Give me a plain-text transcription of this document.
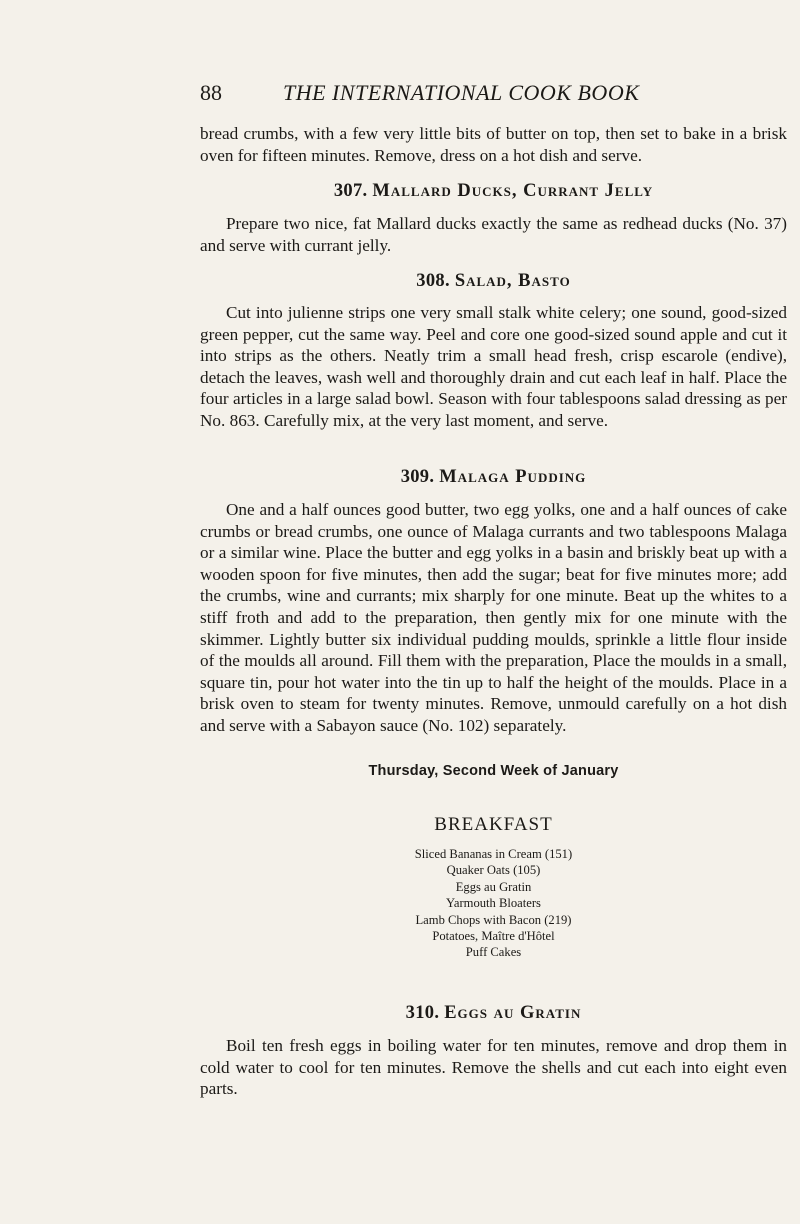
88	THE INTERNATIONAL COOK BOOK

bread crumbs, with a few very little bits of butter on top, then set to bake in a brisk oven for fifteen minutes. Remove, dress on a hot dish and serve.

307. Mallard Ducks, Currant Jelly

Prepare two nice, fat Mallard ducks exactly the same as redhead ducks (No. 37) and serve with currant jelly.

308. Salad, Basto

Cut into julienne strips one very small stalk white celery; one sound, good-sized green pepper, cut the same way. Peel and core one good-sized sound apple and cut it into strips as the others. Neatly trim a small head fresh, crisp escarole (endive), detach the leaves, wash well and thoroughly drain and cut each leaf in half. Place the four articles in a large salad bowl. Season with four tablespoons salad dressing as per No. 863. Carefully mix, at the very last moment, and serve.

309. Malaga Pudding

One and a half ounces good butter, two egg yolks, one and a half ounces of cake crumbs or bread crumbs, one ounce of Malaga currants and two tablespoons Malaga or a similar wine. Place the butter and egg yolks in a basin and briskly beat up with a wooden spoon for five minutes, then add the sugar; beat for five minutes more; add the crumbs, wine and currants; mix sharply for one minute. Beat up the whites to a stiff froth and add to the preparation, then gently mix for one minute with the skimmer. Lightly butter six individual pudding moulds, sprinkle a little flour inside of the moulds all around. Fill them with the preparation, Place the moulds in a small, square tin, pour hot water into the tin up to half the height of the moulds. Place in a brisk oven to steam for twenty minutes. Remove, unmould carefully on a hot dish and serve with a Sabayon sauce (No. 102) separately.

Thursday, Second Week of January
BREAKFAST
Sliced Bananas in Cream (151)
Quaker Oats (105)
Eggs au Gratin
Yarmouth Bloaters
Lamb Chops with Bacon (219)
Potatoes, Maître d'Hôtel
Puff Cakes
310. Eggs au Gratin

Boil ten fresh eggs in boiling water for ten minutes, remove and drop them in cold water to cool for ten minutes. Remove the shells and cut each into eight even parts.
